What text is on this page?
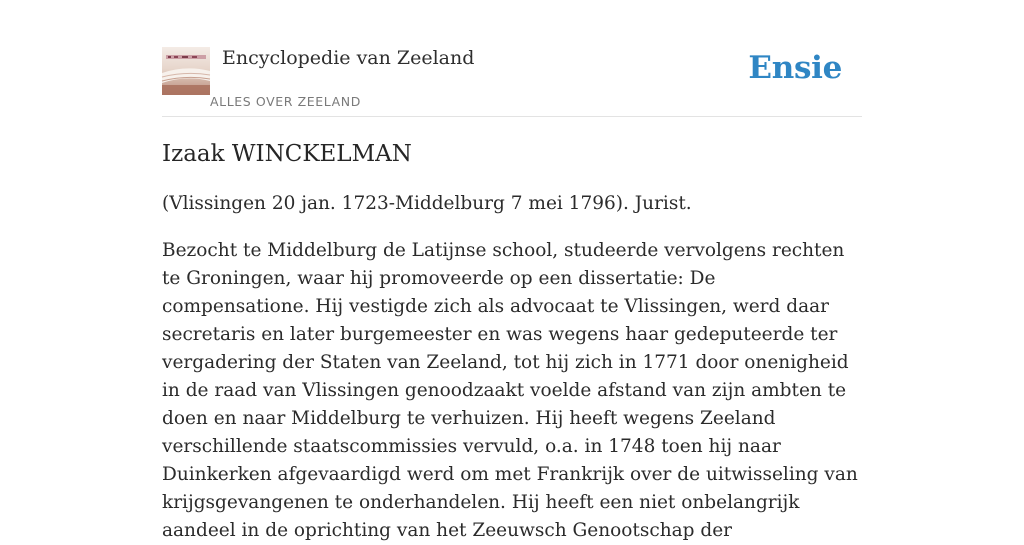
Encyclopedie van Zeeland
ALLES OVER ZEELAND
Ensie
Izaak WINCKELMAN

(Vlissingen 20 jan. 1723-Middelburg 7 mei 1796). Jurist.

Bezocht te Middelburg de Latijnse school, studeerde vervolgens rechten te Groningen, waar hij promoveerde op een dissertatie: De compensatione. Hij vestigde zich als advocaat te Vlissingen, werd daar secretaris en later burgemeester en was wegens haar gedeputeerde ter vergadering der Staten van Zeeland, tot hij zich in 1771 door onenigheid in de raad van Vlissingen genoodzaakt voelde afstand van zijn ambten te doen en naar Middelburg te verhuizen. Hij heeft wegens Zeeland verschillende staatscommissies vervuld, o.a. in 1748 toen hij naar Duinkerken afgevaardigd werd om met Frankrijk over de uitwisseling van krijgsgevangenen te onderhandelen. Hij heeft een niet onbelangrijk aandeel in de oprichting van het Zeeuwsch Genootschap der
